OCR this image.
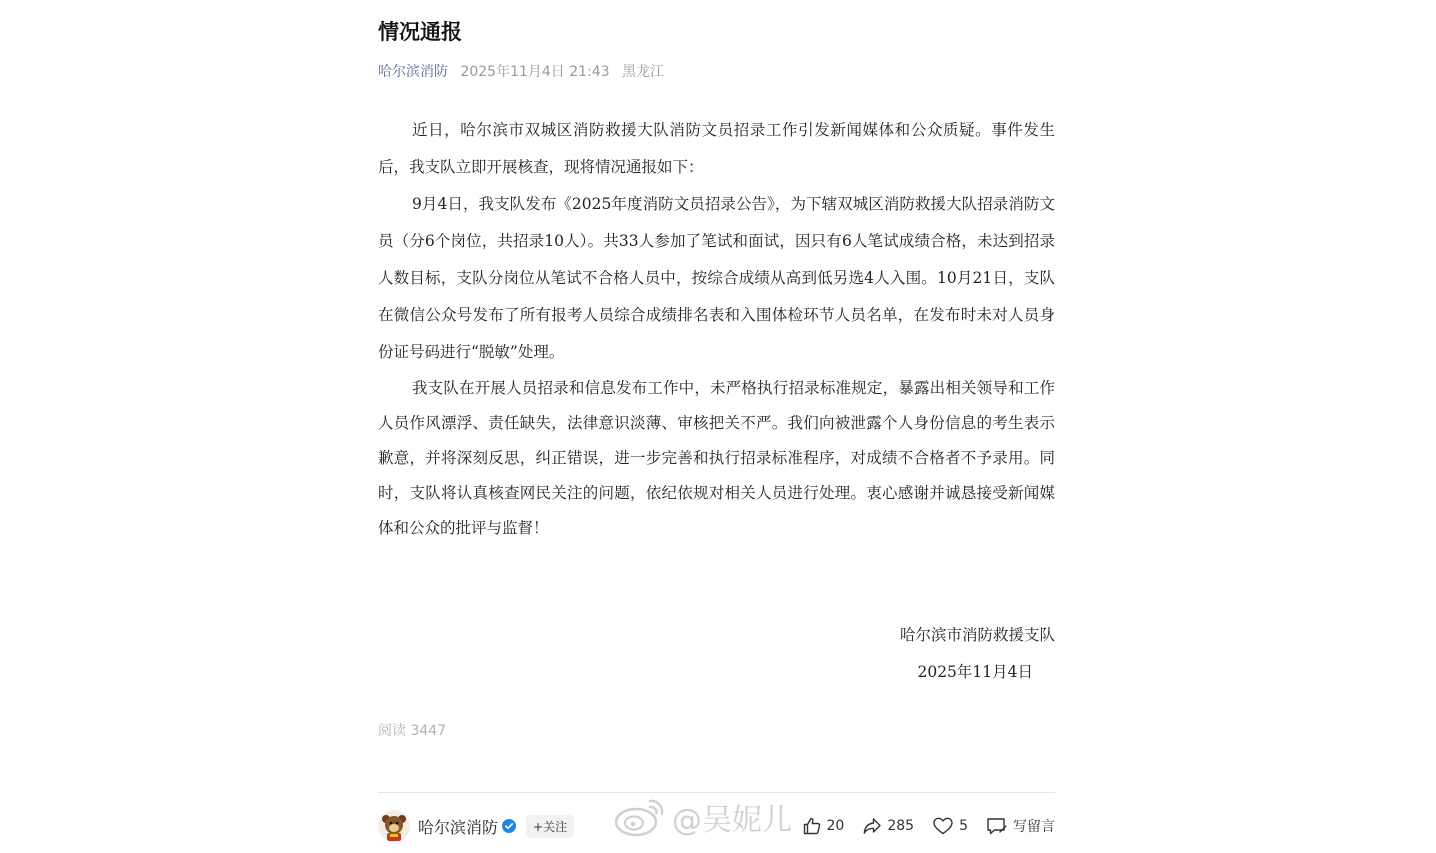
情况通报
哈尔滨消防 2025年11月4日 21:43 黑龙江

近日，哈尔滨市双城区消防救援大队消防文员招录工作引发新闻媒体和公众质疑。事件发生后，我支队立即开展核查，现将情况通报如下：

9月4日，我支队发布《2025年度消防文员招录公告》，为下辖双城区消防救援大队招录消防文员（分6个岗位，共招录10人）。共33人参加了笔试和面试，因只有6人笔试成绩合格，未达到招录人数目标，支队分岗位从笔试不合格人员中，按综合成绩从高到低另选4人入围。10月21日，支队在微信公众号发布了所有报考人员综合成绩排名表和入围体检环节人员名单，在发布时未对人员身份证号码进行“脱敏”处理。

我支队在开展人员招录和信息发布工作中，未严格执行招录标准规定，暴露出相关领导和工作人员作风漂浮、责任缺失，法律意识淡薄、审核把关不严。我们向被泄露个人身份信息的考生表示歉意，并将深刻反思，纠正错误，进一步完善和执行招录标准程序，对成绩不合格者不予录用。同时，支队将认真核查网民关注的问题，依纪依规对相关人员进行处理。衷心感谢并诚恳接受新闻媒体和公众的批评与监督！

哈尔滨市消防救援支队
2025年11月4日
阅读 3447
哈尔滨消防	+关注	20	285	5	写留言
@吴妮儿
